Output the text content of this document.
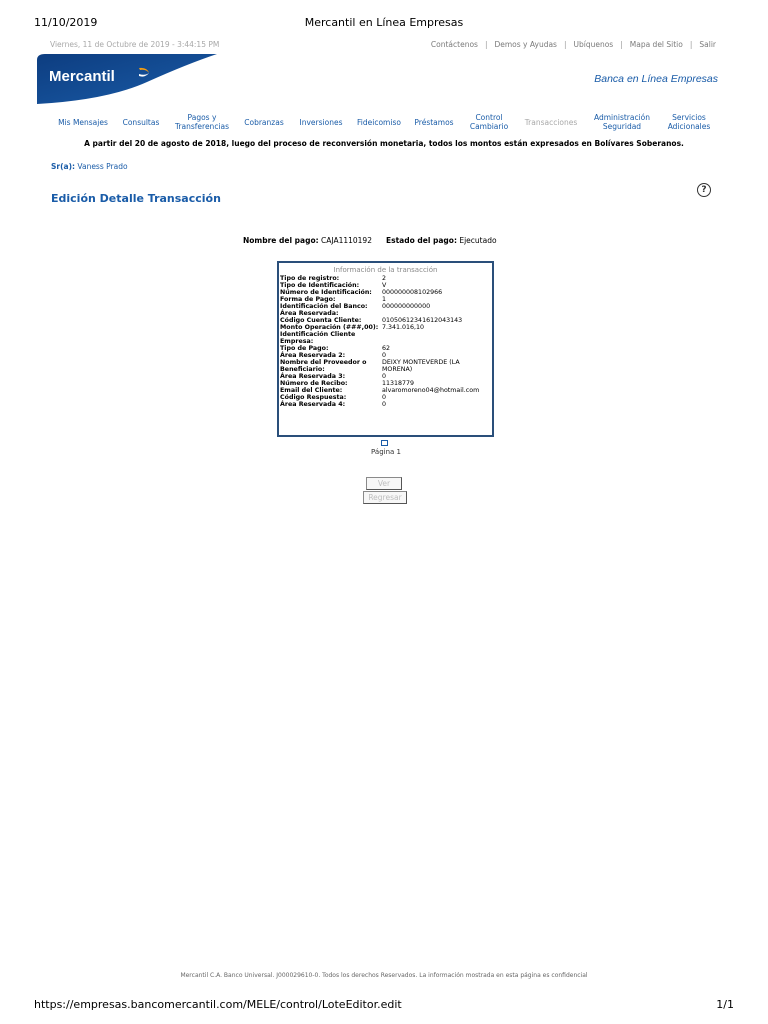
11/10/2019	Mercantil en Línea Empresas
Viernes, 11 de Octubre de 2019 - 3:44:15 PM	Contáctenos | Demos y Ayudas | Ubíquenos | Mapa del Sitio | Salir
Mercantil	Banca en Línea Empresas
Mis Mensajes	Consultas	Pagos y
Transferencias	Cobranzas	Inversiones	Fideicomiso	Préstamos	Control
Cambiario	Transacciones	Administración
Seguridad
Servicios
Adicionales
A partir del 20 de agosto de 2018, luego del proceso de reconversión monetaria, todos los montos están expresados en Bolívares Soberanos.
Sr(a): Vaness Prado
Edición Detalle Transacción
?
Nombre del pago: CAJA1110192 Estado del pago: Ejecutado
Información de la transacción
Tipo de registro:	2
Tipo de Identificación:	V
Número de Identificación:	000000008102966
Forma de Pago:	1
Identificación del Banco:	000000000000
Área Reservada:	
Código Cuenta Cliente:	01050612341612043143
Monto Operación (###,00):	7.341.016,10
Identificación Cliente Empresa:	
Tipo de Pago:	62
Área Reservada 2:	0
Nombre del Proveedor o Beneficiario:	DEIXY MONTEVERDE (LA MORENA)
Área Reservada 3:	0
Número de Recibo:	11318779
Email del Cliente:	alvaromoreno04@hotmail.com
Código Respuesta:	0
Área Reservada 4:	0
Página 1
Ver
Regresar
Mercantil C.A. Banco Universal. J000029610-0. Todos los derechos Reservados. La información mostrada en esta página es confidencial
https://empresas.bancomercantil.com/MELE/control/LoteEditor.edit	1/1
